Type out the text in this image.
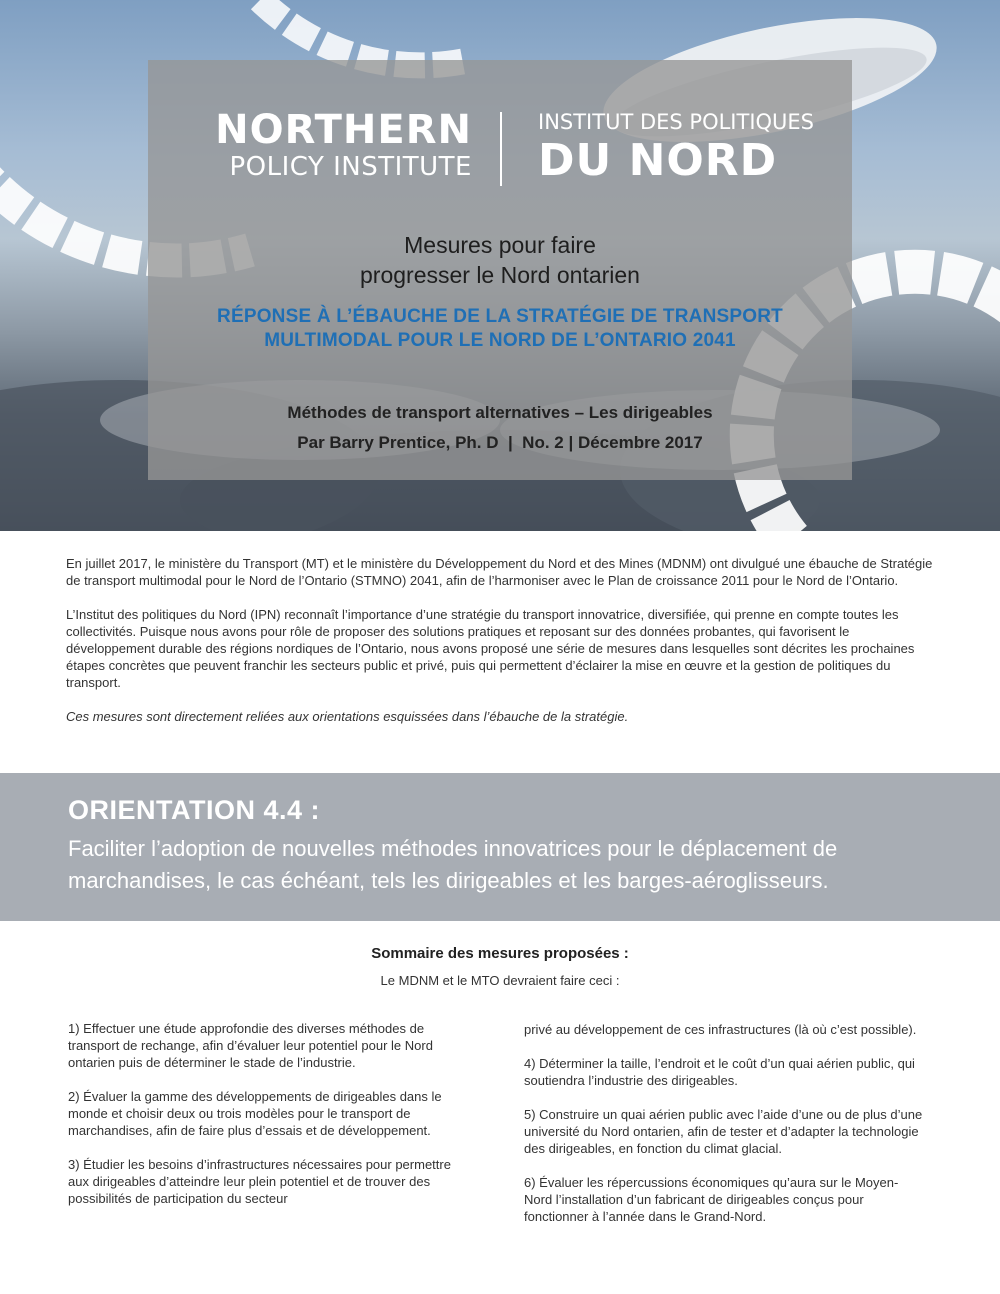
NORTHERN
POLICY INSTITUTE
INSTITUT DES POLITIQUES
DU NORD
Mesures pour faire
progresser le Nord ontarien
RÉPONSE À L’ÉBAUCHE DE LA STRATÉGIE DE TRANSPORT
MULTIMODAL POUR LE NORD DE L’ONTARIO 2041
Méthodes de transport alternatives – Les dirigeables
Par Barry Prentice, Ph. D  |  No. 2 | Décembre 2017

En juillet 2017, le ministère du Transport (MT) et le ministère du Développement du Nord et des Mines (MDNM) ont divulgué une ébauche de Stratégie de transport multimodal pour le Nord de l’Ontario (STMNO) 2041, afin de l’harmoniser avec le Plan de croissance 2011 pour le Nord de l’Ontario.

L’Institut des politiques du Nord (IPN) reconnaît l’importance d’une stratégie du transport innovatrice, diversifiée, qui prenne en compte toutes les collectivités. Puisque nous avons pour rôle de proposer des solutions pratiques et reposant sur des données probantes, qui favorisent le développement durable des régions nordiques de l’Ontario, nous avons proposé une série de mesures dans lesquelles sont décrites les prochaines étapes concrètes que peuvent franchir les secteurs public et privé, puis qui permettent d’éclairer la mise en œuvre et la gestion de politiques du transport.

Ces mesures sont directement reliées aux orientations esquissées dans l’ébauche de la stratégie.

ORIENTATION 4.4 :
Faciliter l’adoption de nouvelles méthodes innovatrices pour le déplacement de marchandises, le cas échéant, tels les dirigeables et les barges-aéroglisseurs.
Sommaire des mesures proposées :
Le MDNM et le MTO devraient faire ceci :

1) Effectuer une étude approfondie des diverses méthodes de transport de rechange, afin d’évaluer leur potentiel pour le Nord ontarien puis de déterminer le stade de l’industrie.

2) Évaluer la gamme des développements de dirigeables dans le monde et choisir deux ou trois modèles pour le transport de marchandises, afin de faire plus d’essais et de développement.

3) Étudier les besoins d’infrastructures nécessaires pour permettre aux dirigeables d’atteindre leur plein potentiel et de trouver des possibilités de participation du secteur

privé au développement de ces infrastructures (là où c’est possible).

4) Déterminer la taille, l’endroit et le coût d’un quai aérien public, qui soutiendra l’industrie des dirigeables.

5) Construire un quai aérien public avec l’aide d’une ou de plus d’une université du Nord ontarien, afin de tester et d’adapter la technologie des dirigeables, en fonction du climat glacial.

6) Évaluer les répercussions économiques qu’aura sur le Moyen-Nord l’installation d’un fabricant de dirigeables conçus pour fonctionner à l’année dans le Grand-Nord.
